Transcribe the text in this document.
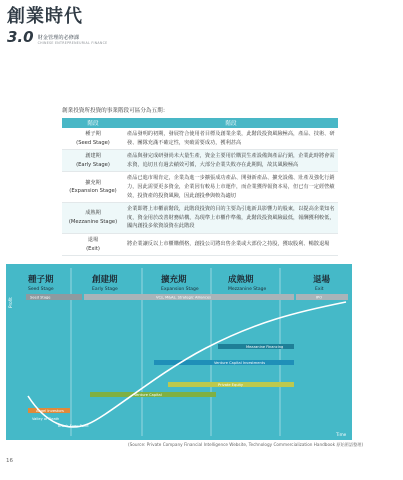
創業時代
3.0 財金管理的必修課
CHINESE ENTREPRENEURIAL FINANCE
創業投資所投資的事業階段可區分為五期：
階段	階段

種子期
(Seed Stage)	產品發明的初期，發展符合使用者目標及創業企業，此階段投資風險極高，產品、技術、研發、團隊充滿不確定性，突破需要成功，獲利甚高

創建期
(Early Stage)	產品與發完成研發尚未大量生產，資金主要用於購買生產設備與產品行銷，企業此時將會需求資，追切且有過去績效可循，大部分企業失敗亦在此期間，故其風險極高

擴充期
(Expansion Stage)	產品已進市場肯定，企業為進一步擴張成功產品、開發新產品、擴充設備、壯產及強化行銷力，因此需要更多資金，企業因有較易上市運作，而企業獲得報資本易，但已有一定經營績效，投資產的投資風險，因此創投參與較為適切

成熟期
(Mezzanine Stage)	企業即將上市櫃前階段，此階段投資的目的主要為引進新具影響力的股東，以提高企業知名度，資金用於改善財務結構，為現準上市櫃作準備，此階段投資風險最低，報酬獲利較低，國內創投多依資設資在此階段

退場
(Exit)	將企業讓反以上市櫃購價格，創投公司將出售企業或大部份之持股，獲取股利、暢散退場
種子期
Seed Stage
創建期
Early Stage
擴充期
Expansion Stage
成熟期
Mezzanine Stage
退場
Exit
Profit	Seed Stage	VCs, M&As, Strategic Alliances	IPO
Mezzanine Financing
Venture Capital Investments
Private Equity
Venture Capital
Angel Investors
Valley of Death
Break-Even Point
Time
(Source: Private Company Financial Intelligence Website, Technology Commercialization Handbook 原始術語整理)
16
